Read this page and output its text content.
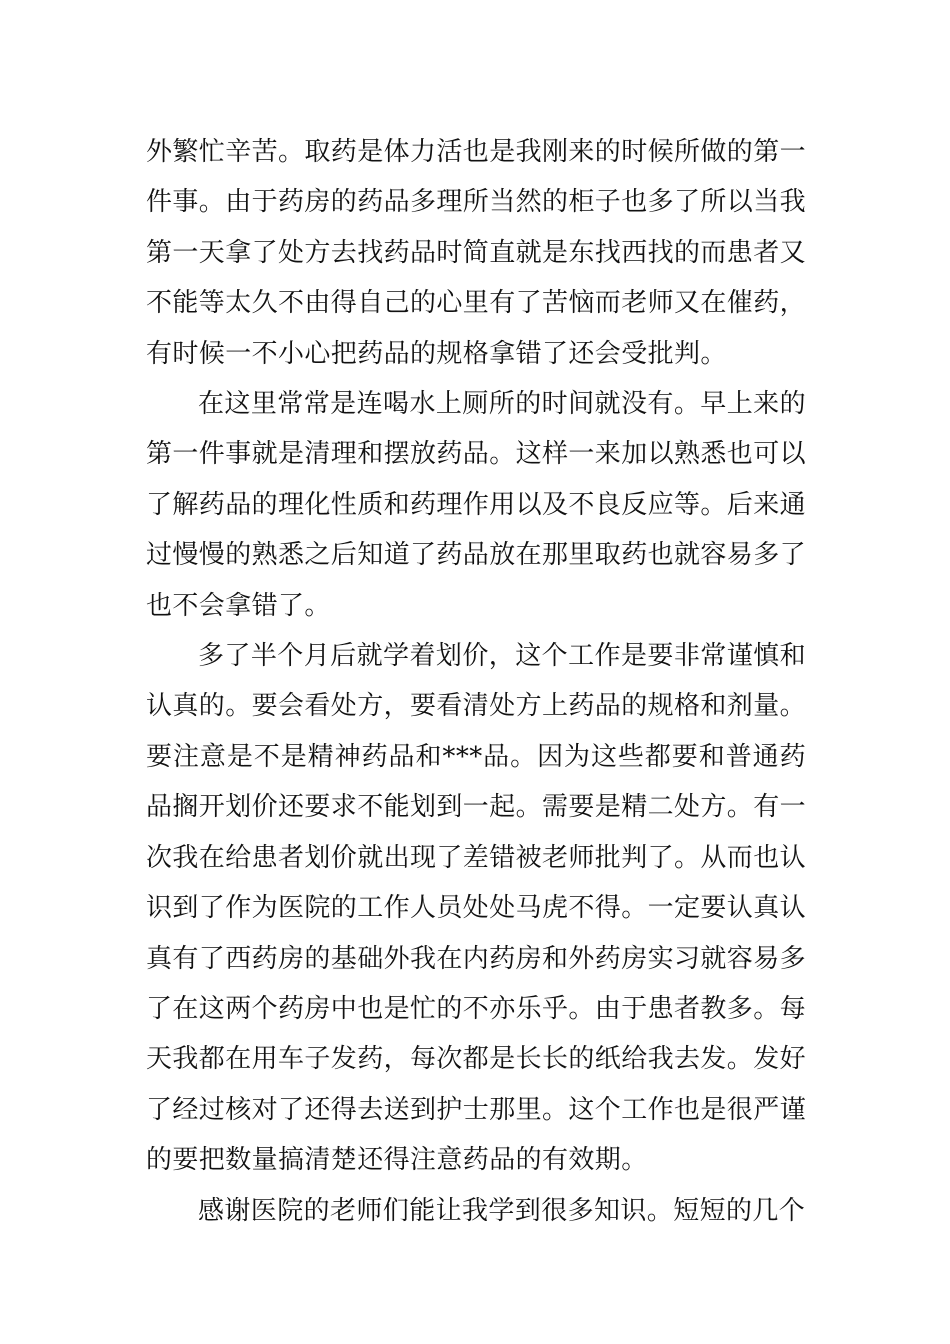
外繁忙辛苦。取药是体力活也是我刚来的时候所做的第一件事。由于药房的药品多理所当然的柜子也多了所以当我第一天拿了处方去找药品时简直就是东找西找的而患者又不能等太久不由得自己的心里有了苦恼而老师又在催药，有时候一不小心把药品的规格拿错了还会受批判。

在这里常常是连喝水上厕所的时间就没有。早上来的第一件事就是清理和摆放药品。这样一来加以熟悉也可以了解药品的理化性质和药理作用以及不良反应等。后来通过慢慢的熟悉之后知道了药品放在那里取药也就容易多了也不会拿错了。

多了半个月后就学着划价，这个工作是要非常谨慎和认真的。要会看处方，要看清处方上药品的规格和剂量。要注意是不是精神药品和***品。因为这些都要和普通药品搁开划价还要求不能划到一起。需要是精二处方。有一次我在给患者划价就出现了差错被老师批判了。从而也认识到了作为医院的工作人员处处马虎不得。一定要认真认真有了西药房的基础外我在内药房和外药房实习就容易多了在这两个药房中也是忙的不亦乐乎。由于患者教多。每天我都在用车子发药，每次都是长长的纸给我去发。发好了经过核对了还得去送到护士那里。这个工作也是很严谨的要把数量搞清楚还得注意药品的有效期。

感谢医院的老师们能让我学到很多知识。短短的几个
